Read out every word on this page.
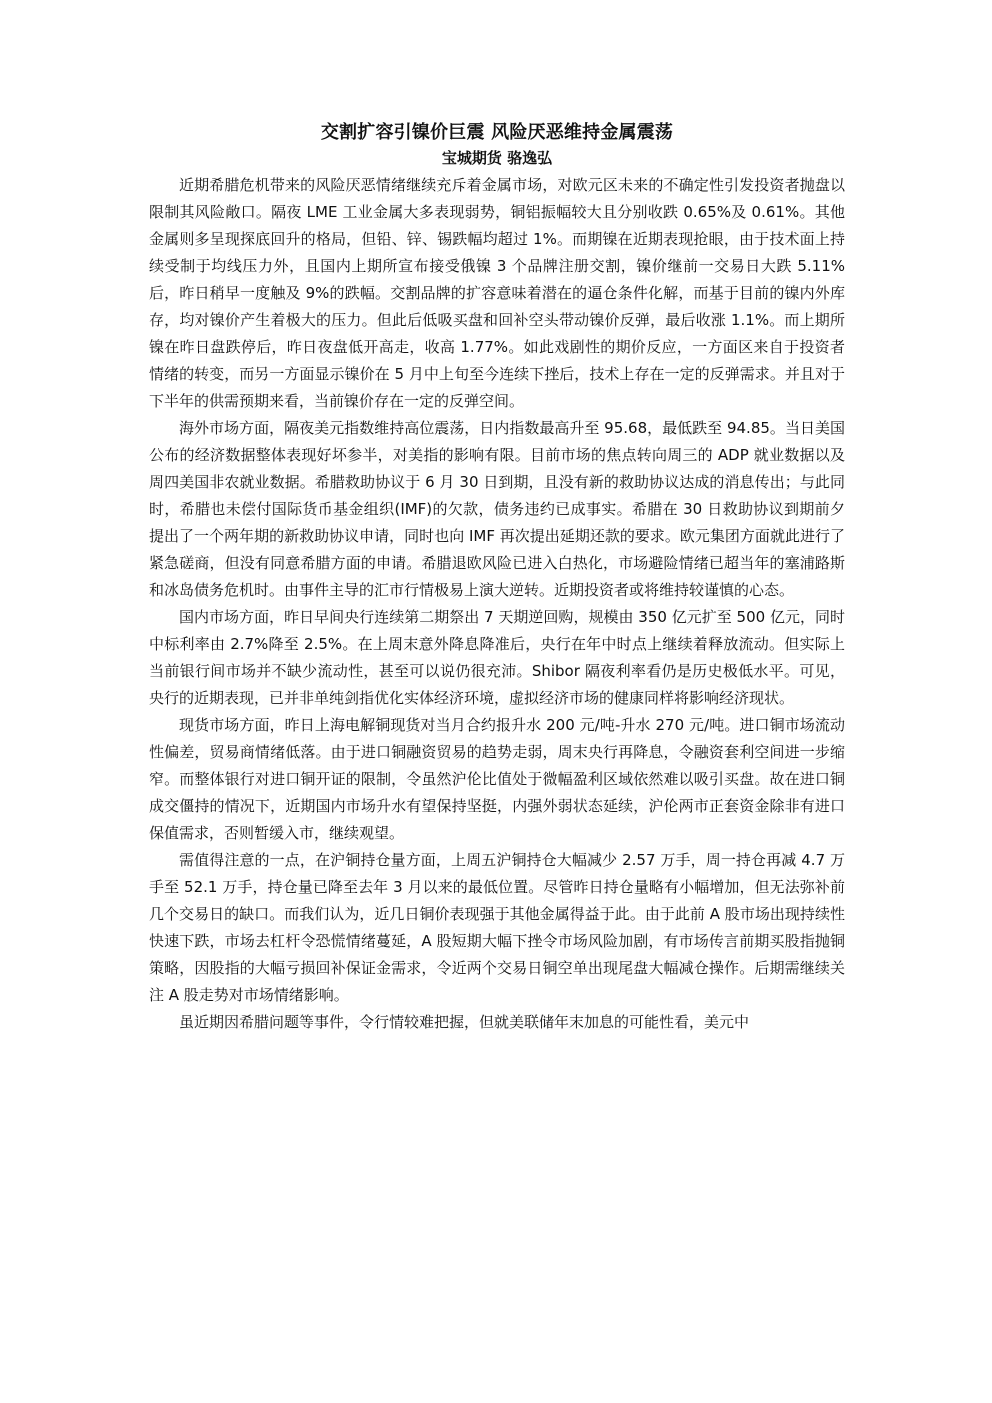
交割扩容引镍价巨震 风险厌恶维持金属震荡
宝城期货 骆逸弘

近期希腊危机带来的风险厌恶情绪继续充斥着金属市场，对欧元区未来的不确定性引发投资者抛盘以限制其风险敞口。隔夜 LME 工业金属大多表现弱势，铜铝振幅较大且分别收跌 0.65%及 0.61%。其他金属则多呈现探底回升的格局，但铅、锌、锡跌幅均超过 1%。而期镍在近期表现抢眼，由于技术面上持续受制于均线压力外，且国内上期所宣布接受俄镍 3 个品牌注册交割，镍价继前一交易日大跌 5.11%后，昨日稍早一度触及 9%的跌幅。交割品牌的扩容意味着潜在的逼仓条件化解，而基于目前的镍内外库存，均对镍价产生着极大的压力。但此后低吸买盘和回补空头带动镍价反弹，最后收涨 1.1%。而上期所镍在昨日盘跌停后，昨日夜盘低开高走，收高 1.77%。如此戏剧性的期价反应，一方面区来自于投资者情绪的转变，而另一方面显示镍价在 5 月中上旬至今连续下挫后，技术上存在一定的反弹需求。并且对于下半年的供需预期来看，当前镍价存在一定的反弹空间。

海外市场方面，隔夜美元指数维持高位震荡，日内指数最高升至 95.68，最低跌至 94.85。当日美国公布的经济数据整体表现好坏参半，对美指的影响有限。目前市场的焦点转向周三的 ADP 就业数据以及周四美国非农就业数据。希腊救助协议于 6 月 30 日到期，且没有新的救助协议达成的消息传出；与此同时，希腊也未偿付国际货币基金组织(IMF)的欠款，债务违约已成事实。希腊在 30 日救助协议到期前夕提出了一个两年期的新救助协议申请，同时也向 IMF 再次提出延期还款的要求。欧元集团方面就此进行了紧急磋商，但没有同意希腊方面的申请。希腊退欧风险已进入白热化，市场避险情绪已超当年的塞浦路斯和冰岛债务危机时。由事件主导的汇市行情极易上演大逆转。近期投资者或将维持较谨慎的心态。

国内市场方面，昨日早间央行连续第二期祭出 7 天期逆回购，规模由 350 亿元扩至 500 亿元，同时中标利率由 2.7%降至 2.5%。在上周末意外降息降准后，央行在年中时点上继续着释放流动。但实际上当前银行间市场并不缺少流动性，甚至可以说仍很充沛。Shibor 隔夜利率看仍是历史极低水平。可见，央行的近期表现，已并非单纯剑指优化实体经济环境，虚拟经济市场的健康同样将影响经济现状。

现货市场方面，昨日上海电解铜现货对当月合约报升水 200 元/吨-升水 270 元/吨。进口铜市场流动性偏差，贸易商情绪低落。由于进口铜融资贸易的趋势走弱，周末央行再降息，令融资套利空间进一步缩窄。而整体银行对进口铜开证的限制，令虽然沪伦比值处于微幅盈利区域依然难以吸引买盘。故在进口铜成交僵持的情况下，近期国内市场升水有望保持坚挺，内强外弱状态延续，沪伦两市正套资金除非有进口保值需求，否则暂缓入市，继续观望。

需值得注意的一点，在沪铜持仓量方面，上周五沪铜持仓大幅减少 2.57 万手，周一持仓再减 4.7 万手至 52.1 万手，持仓量已降至去年 3 月以来的最低位置。尽管昨日持仓量略有小幅增加，但无法弥补前几个交易日的缺口。而我们认为，近几日铜价表现强于其他金属得益于此。由于此前 A 股市场出现持续性快速下跌，市场去杠杆令恐慌情绪蔓延，A 股短期大幅下挫令市场风险加剧，有市场传言前期买股指抛铜策略，因股指的大幅亏损回补保证金需求，令近两个交易日铜空单出现尾盘大幅减仓操作。后期需继续关注 A 股走势对市场情绪影响。

虽近期因希腊问题等事件，令行情较难把握，但就美联储年末加息的可能性看，美元中
